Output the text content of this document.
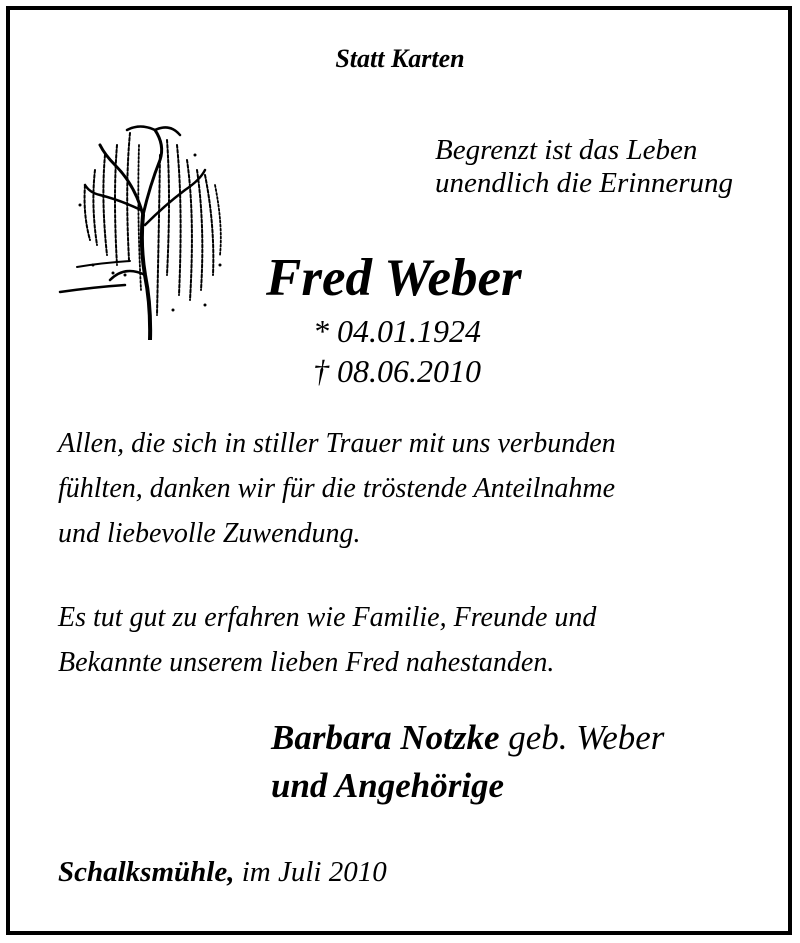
Statt Karten
Begrenzt ist das Leben
unendlich die Erinnerung
Fred Weber
* 04.01.1924
† 08.06.2010
Allen, die sich in stiller Trauer mit uns verbunden
fühlten, danken wir für die tröstende Anteilnahme
und liebevolle Zuwendung.
Es tut gut zu erfahren wie Familie, Freunde und
Bekannte unserem lieben Fred nahestanden.
Barbara Notzke geb. Weber
und Angehörige
Schalksmühle, im Juli 2010
